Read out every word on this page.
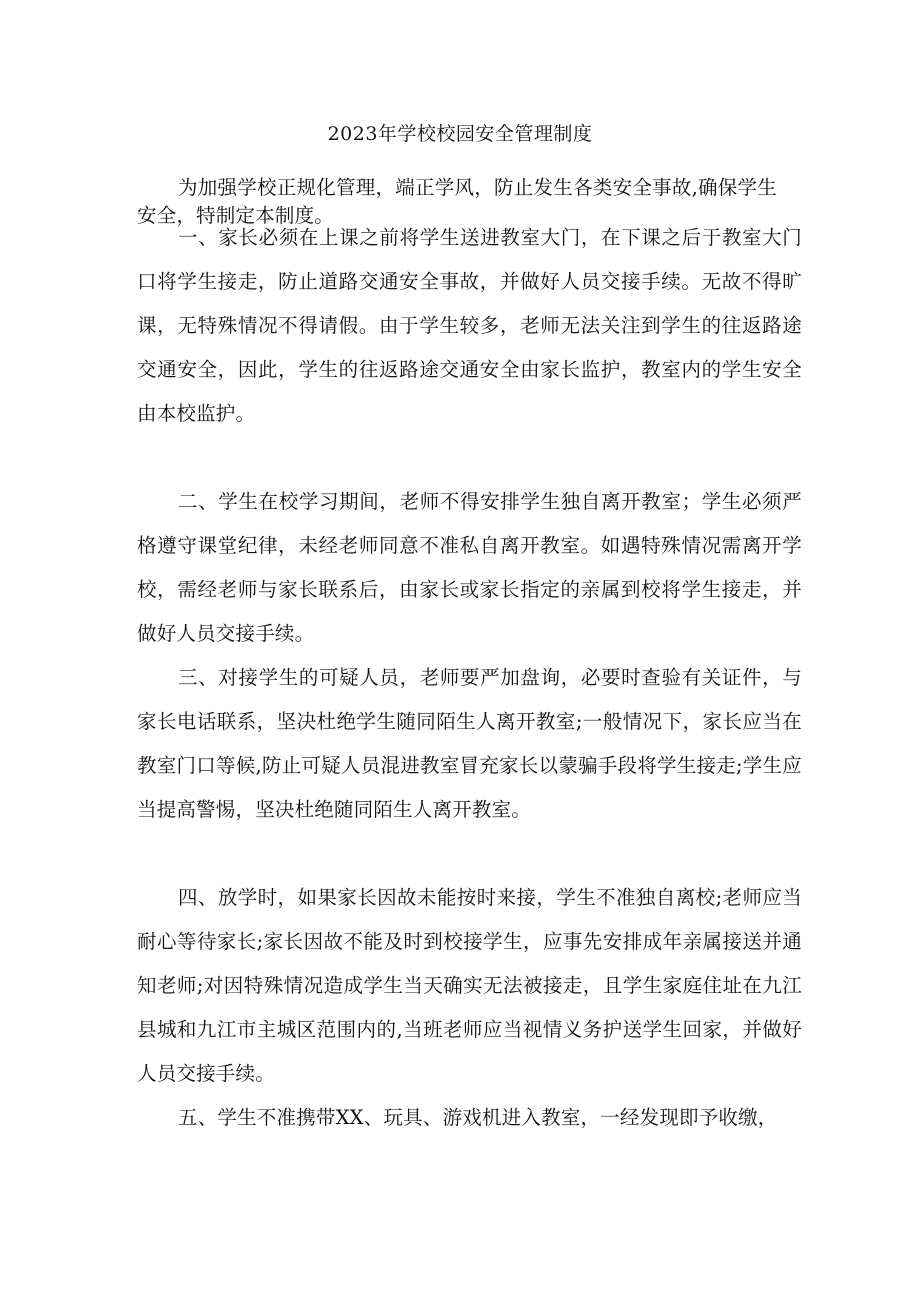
2023年学校校园安全管理制度
为加强学校正规化管理，端正学风，防止发生各类安全事故,确保学生安全，特制定本制度。
一、家长必须在上课之前将学生送进教室大门，在下课之后于教室大门口将学生接走，防止道路交通安全事故，并做好人员交接手续。无故不得旷课，无特殊情况不得请假。由于学生较多，老师无法关注到学生的往返路途交通安全，因此，学生的往返路途交通安全由家长监护，教室内的学生安全由本校监护。
二、学生在校学习期间，老师不得安排学生独自离开教室；学生必须严格遵守课堂纪律，未经老师同意不准私自离开教室。如遇特殊情况需离开学校，需经老师与家长联系后，由家长或家长指定的亲属到校将学生接走，并做好人员交接手续。
三、对接学生的可疑人员，老师要严加盘询，必要时查验有关证件，与家长电话联系，坚决杜绝学生随同陌生人离开教室;一般情况下，家长应当在教室门口等候,防止可疑人员混进教室冒充家长以蒙骗手段将学生接走;学生应当提高警惕，坚决杜绝随同陌生人离开教室。
四、放学时，如果家长因故未能按时来接，学生不准独自离校;老师应当耐心等待家长;家长因故不能及时到校接学生，应事先安排成年亲属接送并通知老师;对因特殊情况造成学生当天确实无法被接走，且学生家庭住址在九江县城和九江市主城区范围内的,当班老师应当视情义务护送学生回家，并做好人员交接手续。
五、学生不准携带XX、玩具、游戏机进入教室，一经发现即予收缴，
